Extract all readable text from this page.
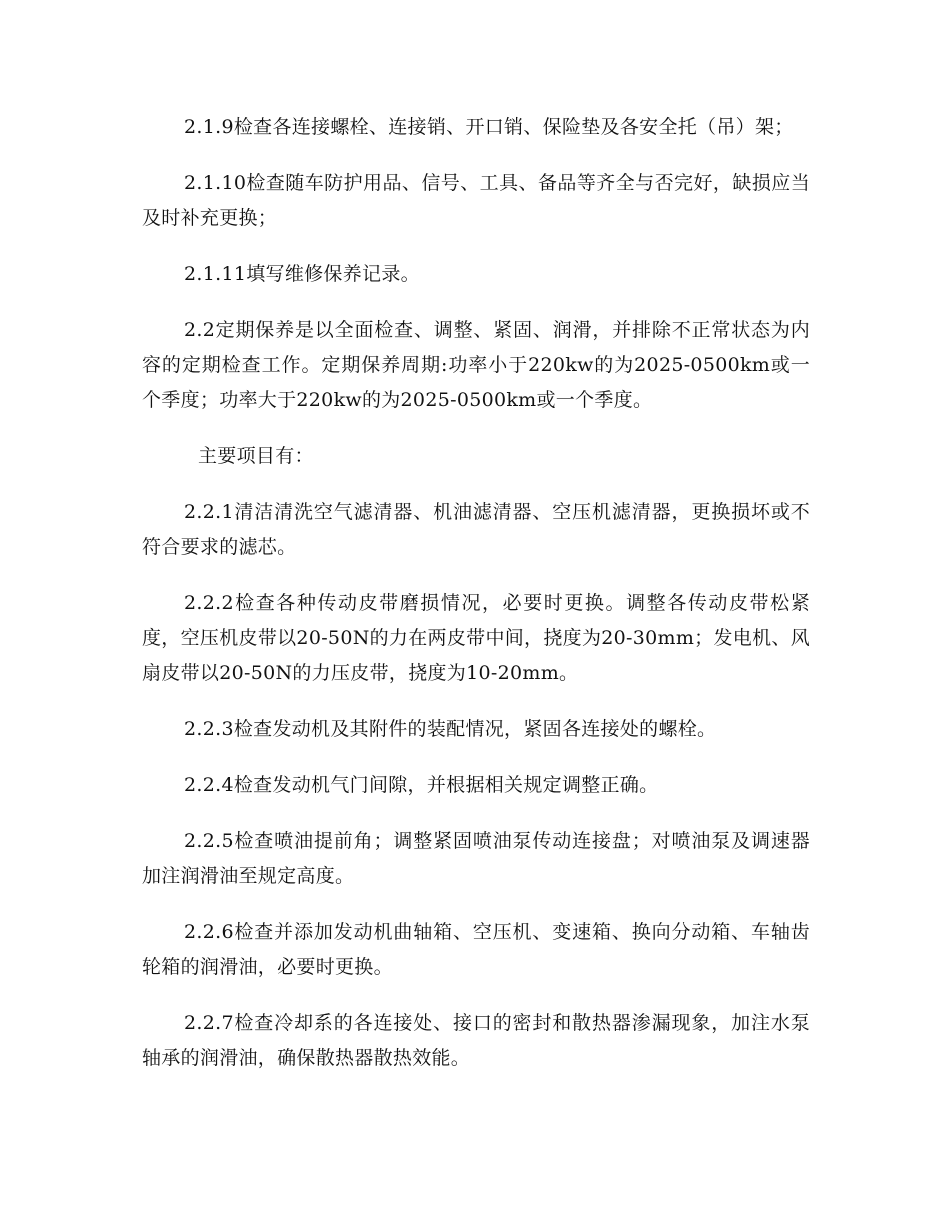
2.1.9检查各连接螺栓、连接销、开口销、保险垫及各安全托（吊）架；

2.1.10检查随车防护用品、信号、工具、备品等齐全与否完好，缺损应当及时补充更换；

2.1.11填写维修保养记录。

2.2定期保养是以全面检查、调整、紧固、润滑，并排除不正常状态为内容的定期检查工作。定期保养周期:功率小于220kw的为2025-0500km或一个季度；功率大于220kw的为2025-0500km或一个季度。

主要项目有：

2.2.1清洁清洗空气滤清器、机油滤清器、空压机滤清器，更换损坏或不符合要求的滤芯。

2.2.2检查各种传动皮带磨损情况，必要时更换。调整各传动皮带松紧度，空压机皮带以20-50N的力在两皮带中间，挠度为20-30mm；发电机、风扇皮带以20-50N的力压皮带，挠度为10-20mm。

2.2.3检查发动机及其附件的装配情况，紧固各连接处的螺栓。

2.2.4检查发动机气门间隙，并根据相关规定调整正确。

2.2.5检查喷油提前角；调整紧固喷油泵传动连接盘；对喷油泵及调速器加注润滑油至规定高度。

2.2.6检查并添加发动机曲轴箱、空压机、变速箱、换向分动箱、车轴齿轮箱的润滑油，必要时更换。

2.2.7检查冷却系的各连接处、接口的密封和散热器渗漏现象，加注水泵轴承的润滑油，确保散热器散热效能。
